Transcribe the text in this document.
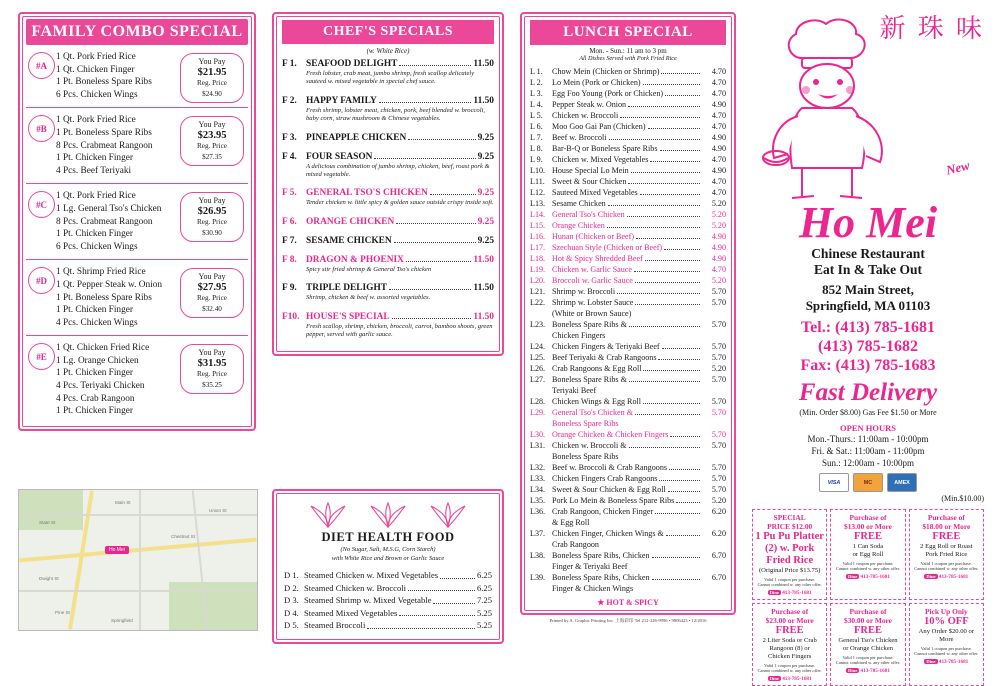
FAMILY COMBO SPECIAL
#A
1 Qt. Pork Fried Rice
1 Qt. Chicken Finger
1 Pt. Boneless Spare Ribs
6 Pcs. Chicken Wings
You Pay
$21.95
Reg. Price
$24.90
#B
1 Qt. Pork Fried Rice
1 Pt. Boneless Spare Ribs
8 Pcs. Crabmeat Rangoon
1 Pt. Chicken Finger
4 Pcs. Beef Teriyaki
You Pay
$23.95
Reg. Price
$27.35
#C
1 Qt. Pork Fried Rice
1 Lg. General Tso's Chicken
8 Pcs. Crabmeat Rangoon
1 Pt. Chicken Finger
6 Pcs. Chicken Wings
You Pay
$26.95
Reg. Price
$30.90
#D
1 Qt. Shrimp Fried Rice
1 Qt. Pepper Steak w. Onion
1 Pt. Boneless Spare Ribs
1 Pt. Chicken Finger
4 Pcs. Chicken Wings
You Pay
$27.95
Reg. Price
$32.40
#E
1 Qt. Chicken Fried Rice
1 Lg. Orange Chicken
1 Pt. Chicken Finger
4 Pcs. Teriyaki Chicken
4 Pcs. Crab Rangoon
1 Pt. Chicken Finger
You Pay
$31.95
Reg. Price
$35.25
Main St
State St
Dwight St
Chestnut St
Pine St
Union St
Springfield
Ho Mei
CHEF'S SPECIALS
(w. White Rice)
F 1. SEAFOOD DELIGHT	11.50
Fresh lobster, crab meat, jumbo shrimp, fresh scallop delicately sauteed w. mixed vegetable in special chef sauce.
F 2. HAPPY FAMILY	11.50
Fresh shrimp, lobster meat, chicken, pork, beef blended w. broccoli, baby corn, straw mushroom & Chinese vegetables.
F 3. PINEAPPLE CHICKEN	9.25
F 4. FOUR SEASON	9.25
A delicious combination of jumbo shrimp, chicken, beef, roast pork & mixed vegetable.
F 5. GENERAL TSO'S CHICKEN	9.25
Tender chicken w. little spicy & golden sauce outside crispy inside soft.
F 6. ORANGE CHICKEN	9.25
F 7. SESAME CHICKEN	9.25
F 8. DRAGON & PHOENIX	11.50
Spicy stir fried shrimp & General Tso's chicken
F 9. TRIPLE DELIGHT	11.50
Shrimp, chicken & beef w. assorted vegetables.
F10. HOUSE'S SPECIAL	11.50
Fresh scallop, shrimp, chicken, broccoli, carrot, bamboo shoots, green pepper, served with garlic sauce.
DIET HEALTH FOOD
(No Sugar, Salt, M.S.G, Corn Starch)
with White Rice and Brown or Garlic Sauce
D 1. Steamed Chicken w. Mixed Vegetables	6.25
D 2. Steamed Chicken w. Broccoli	6.25
D 3. Steamed Shrimp w. Mixed Vegetable	7.25
D 4. Steamed Mixed Vegetables	5.25
D 5. Steamed Broccoli	5.25
LUNCH SPECIAL
Mon. - Sun.: 11 am to 3 pm
All Dishes Served with Pork Fried Rice
L 1.	Chow Mein (Chicken or Shrimp)	4.70
L 2.	Lo Mein (Pork or Chicken)	4.70
L 3.	Egg Foo Young (Pork or Chicken)	4.70
L 4.	Pepper Steak w. Onion	4.90
L 5.	Chicken w. Broccoli	4.70
L 6.	Moo Goo Gai Pan (Chicken)	4.70
L 7.	Beef w. Broccoli	4.90
L 8.	Bar-B-Q or Boneless Spare Ribs	4.90
L 9.	Chicken w. Mixed Vegetables	4.70
L10. House Special Lo Mein	4.90
L11. Sweet & Sour Chicken	4.70
L12. Sauteed Mixed Vegetables	4.70
L13. Sesame Chicken	5.20
L14. General Tso's Chicken	5.20
L15. Orange Chicken	5.20
L16. Hunan (Chicken or Beef)	4.90
L17. Szechuan Style (Chicken or Beef)	4.90
L18. Hot & Spicy Shredded Beef	4.90
L19. Chicken w. Garlic Sauce	4.70
L20. Broccoli w. Garlic Sauce	5.20
L21. Shrimp w. Broccoli	5.70
L22. Shrimp w. Lobster Sauce
(White or Brown Sauce)
5.70
L23. Boneless Spare Ribs &
Chicken Fingers
5.70
L24. Chicken Fingers & Teriyaki Beef	5.70
L25. Beef Teriyaki & Crab Rangoons	5.70
L26. Crab Rangoons & Egg Roll	5.20
L27. Boneless Spare Ribs &
Teriyaki Beef
5.70
L28. Chicken Wings & Egg Roll	5.70
L29. General Tso's Chicken &
Boneless Spare Ribs
5.70
L30. Orange Chicken & Chicken Fingers	5.70
L31. Chicken w. Broccoli &
Boneless Spare Ribs
5.70
L32. Beef w. Broccoli & Crab Rangoons	5.70
L33. Chicken Fingers Crab Rangoons	5.70
L34. Sweet & Sour Chicken & Egg Roll	5.70
L35. Pork Lo Mein & Boneless Spare Ribs	5.20
L36. Crab Rangoon, Chicken Finger
& Egg Roll
6.20
L37. Chicken Finger, Chicken Wings &
Crab Rangoon
6.20
L38. Boneless Spare Ribs, Chicken
Finger & Teriyaki Beef
6.70
L39. Boneless Spare Ribs, Chicken
Finger & Chicken Wings
6.70
★ HOT & SPICY
Printed by A. Graphic Printing Inc. 上海彩印 Tel 212-226-9996 • 9806423 • 12/2016
新 珠 味
New
Ho Mei
Chinese Restaurant
Eat In & Take Out
852 Main Street,
Springfield, MA 01103
Tel.: (413) 785-1681
(413) 785-1682
Fax: (413) 785-1683
Fast Delivery
(Min. Order $8.00) Gas Fee $1.50 or More
OPEN HOURS
Mon.-Thurs.: 11:00am - 10:00pm
Fri. & Sat.: 11:00am - 11:00pm
Sun.: 12:00am - 10:00pm
VISA	MC	AMEX
(Min.$10.00)
SPECIAL
PRICE $12.00
1 Pu Pu Platter (2) w. Pork Fried Rice
(Original Price $13.75)
Valid 1 coupon per purchase.
Cannot combined w. any other offer.
Dine 413-785-1681
Purchase of
$13.00 or More
FREE
1 Can Soda
or Egg Roll
Valid 1 coupon per purchase.
Cannot combined w. any other offer.
Dine 413-785-1681
Purchase of
$18.00 or More
FREE
2 Egg Roll or Roast
Pork Fried Rice
Valid 1 coupon per purchase.
Cannot combined w. any other offer.
Dine 413-785-1681
Purchase of
$23.00 or More
FREE
2 Liter Soda or Crab
Rangoon (8) or
Chicken Fingers
Valid 1 coupon per purchase.
Cannot combined w. any other offer.
Dine 413-785-1681
Purchase of
$30.00 or More
FREE
General Tso's Chicken
or Orange Chicken
Valid 1 coupon per purchase.
Cannot combined w. any other offer.
Dine 413-785-1681
Pick Up Only
10% OFF
Any Order $20.00 or More
Valid 1 coupon per purchase.
Cannot combined w. any other offer.
Dine 413-785-1681
